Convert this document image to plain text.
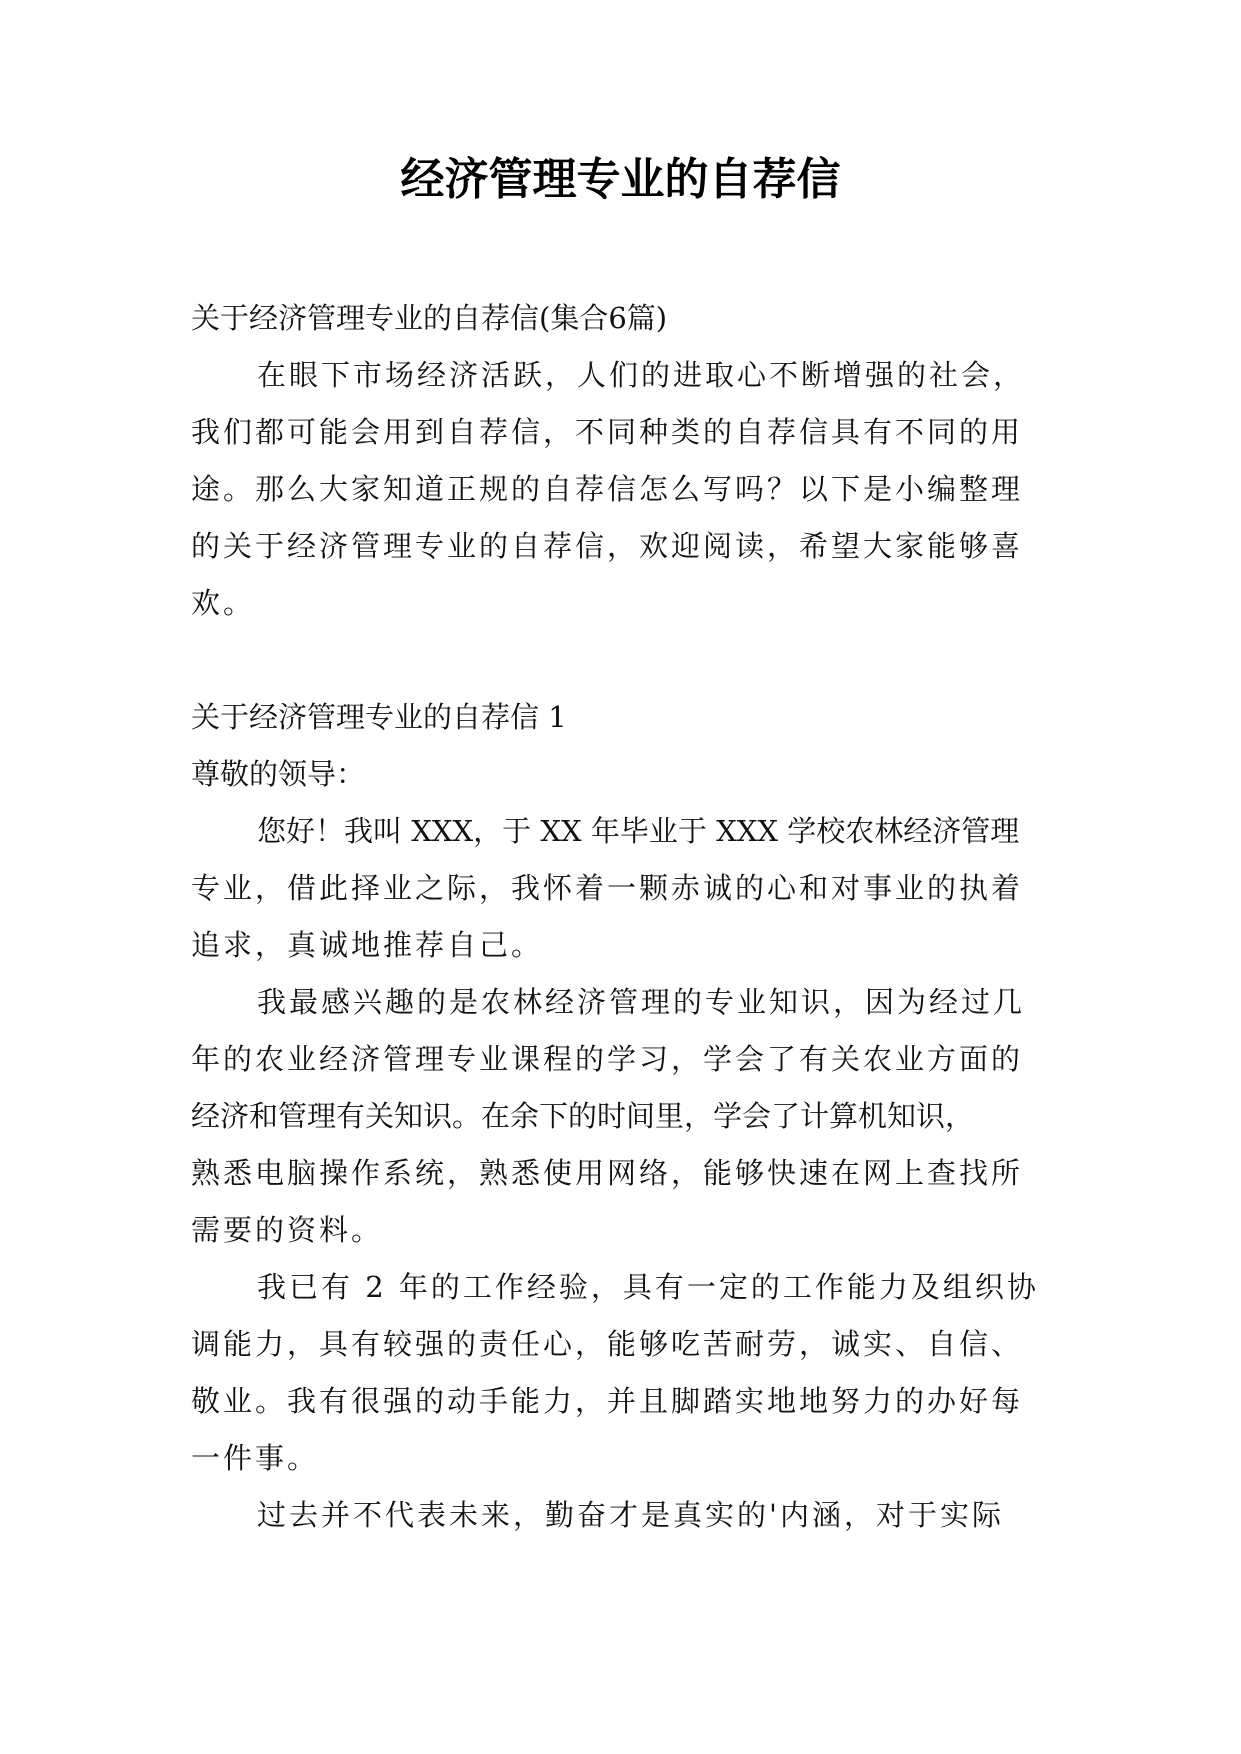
经济管理专业的自荐信
关于经济管理专业的自荐信(集合6篇)
在眼下市场经济活跃，人们的进取心不断增强的社会，
我们都可能会用到自荐信，不同种类的自荐信具有不同的用
途。那么大家知道正规的自荐信怎么写吗？以下是小编整理
的关于经济管理专业的自荐信，欢迎阅读，希望大家能够喜
欢。
关于经济管理专业的自荐信 1
尊敬的领导：
您好！我叫 XXX，于 XX 年毕业于 XXX 学校农林经济管理
专业，借此择业之际，我怀着一颗赤诚的心和对事业的执着
追求，真诚地推荐自己。
我最感兴趣的是农林经济管理的专业知识，因为经过几
年的农业经济管理专业课程的学习，学会了有关农业方面的
经济和管理有关知识。在余下的时间里，学会了计算机知识，
熟悉电脑操作系统，熟悉使用网络，能够快速在网上查找所
需要的资料。
我已有 2 年的工作经验，具有一定的工作能力及组织协
调能力，具有较强的责任心，能够吃苦耐劳，诚实、自信、
敬业。我有很强的动手能力，并且脚踏实地地努力的办好每
一件事。
过去并不代表未来，勤奋才是真实的'内涵，对于实际
